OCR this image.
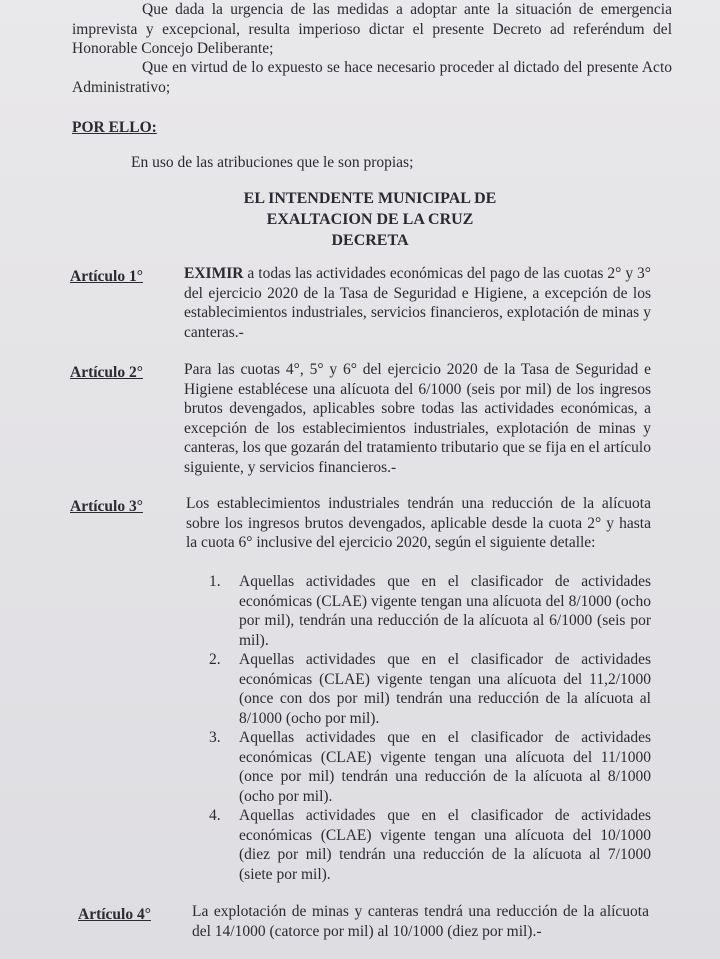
Que dada la urgencia de las medidas a adoptar ante la situación de emergencia imprevista y excepcional, resulta imperioso dictar el presente Decreto ad referéndum del Honorable Concejo Deliberante;

Que en virtud de lo expuesto se hace necesario proceder al dictado del presente Acto Administrativo;

POR ELLO:
En uso de las atribuciones que le son propias;
EL INTENDENTE MUNICIPAL DE
EXALTACION DE LA CRUZ
DECRETA
Artículo 1°	EXIMIR a todas las actividades económicas del pago de las cuotas 2° y 3° del ejercicio 2020 de la Tasa de Seguridad e Higiene, a excepción de los establecimientos industriales, servicios financieros, explotación de minas y canteras.-
Artículo 2°	Para las cuotas 4°, 5° y 6° del ejercicio 2020 de la Tasa de Seguridad e Higiene establécese una alícuota del 6/1000 (seis por mil) de los ingresos brutos devengados, aplicables sobre todas las actividades económicas, a excepción de los establecimientos industriales, explotación de minas y canteras, los que gozarán del tratamiento tributario que se fija en el artículo siguiente, y servicios financieros.-
Artículo 3°	Los establecimientos industriales tendrán una reducción de la alícuota sobre los ingresos brutos devengados, aplicable desde la cuota 2° y hasta la cuota 6° inclusive del ejercicio 2020, según el siguiente detalle:
1. Aquellas actividades que en el clasificador de actividades económicas (CLAE) vigente tengan una alícuota del 8/1000 (ocho por mil), tendrán una reducción de la alícuota al 6/1000 (seis por mil).
2. Aquellas actividades que en el clasificador de actividades económicas (CLAE) vigente tengan una alícuota del 11,2/1000 (once con dos por mil) tendrán una reducción de la alícuota al 8/1000 (ocho por mil).
3. Aquellas actividades que en el clasificador de actividades económicas (CLAE) vigente tengan una alícuota del 11/1000 (once por mil) tendrán una reducción de la alícuota al 8/1000 (ocho por mil).
4. Aquellas actividades que en el clasificador de actividades económicas (CLAE) vigente tengan una alícuota del 10/1000 (diez por mil) tendrán una reducción de la alícuota al 7/1000 (siete por mil).
Artículo 4°	La explotación de minas y canteras tendrá una reducción de la alícuota del 14/1000 (catorce por mil) al 10/1000 (diez por mil).-
